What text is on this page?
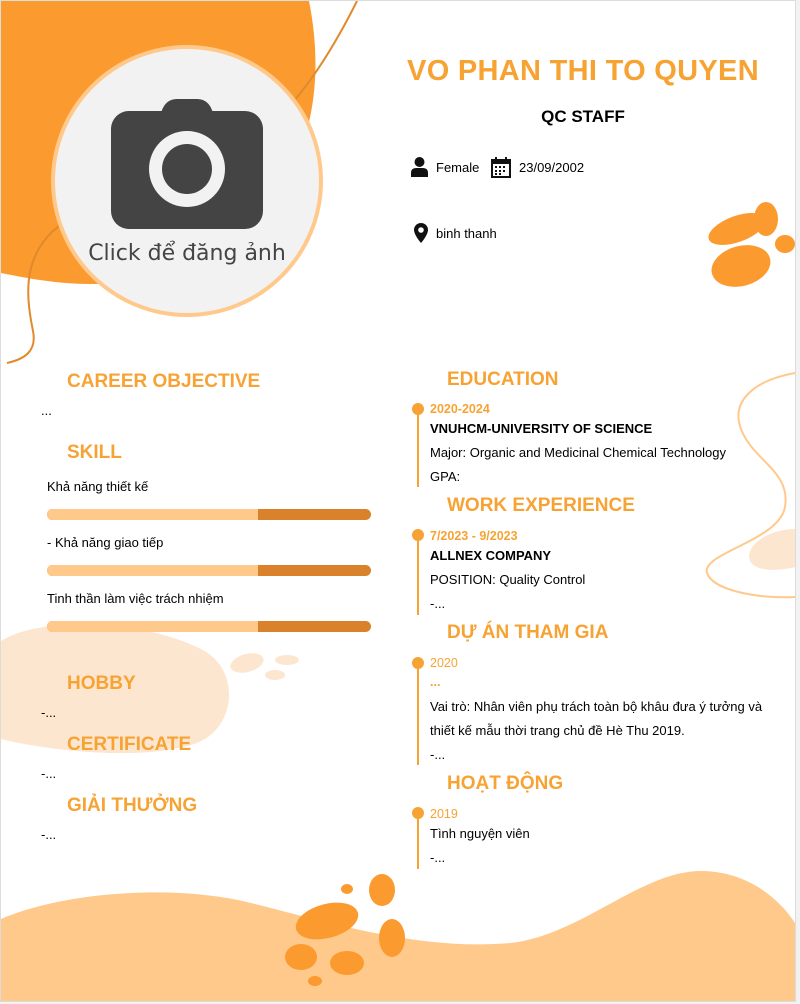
Click để đăng ảnh
VO PHAN THI TO QUYEN
QC STAFF
Female	23/09/2002
binh thanh
CAREER OBJECTIVE
...
SKILL
Khả năng thiết kế
- Khả năng giao tiếp
Tinh thần làm việc trách nhiệm
HOBBY
-...
CERTIFICATE
-...
GIẢI THƯỞNG
-...
EDUCATION
2020-2024
VNUHCM-UNIVERSITY OF SCIENCE
Major: Organic and Medicinal Chemical Technology
GPA:
WORK EXPERIENCE
7/2023 - 9/2023
ALLNEX COMPANY
POSITION: Quality Control
-...
DỰ ÁN THAM GIA
2020
...
Vai trò: Nhân viên phụ trách toàn bộ khâu đưa ý tưởng và
thiết kế mẫu thời trang chủ đề Hè Thu 2019.
-...
HOẠT ĐỘNG
2019
Tình nguyện viên
-...
